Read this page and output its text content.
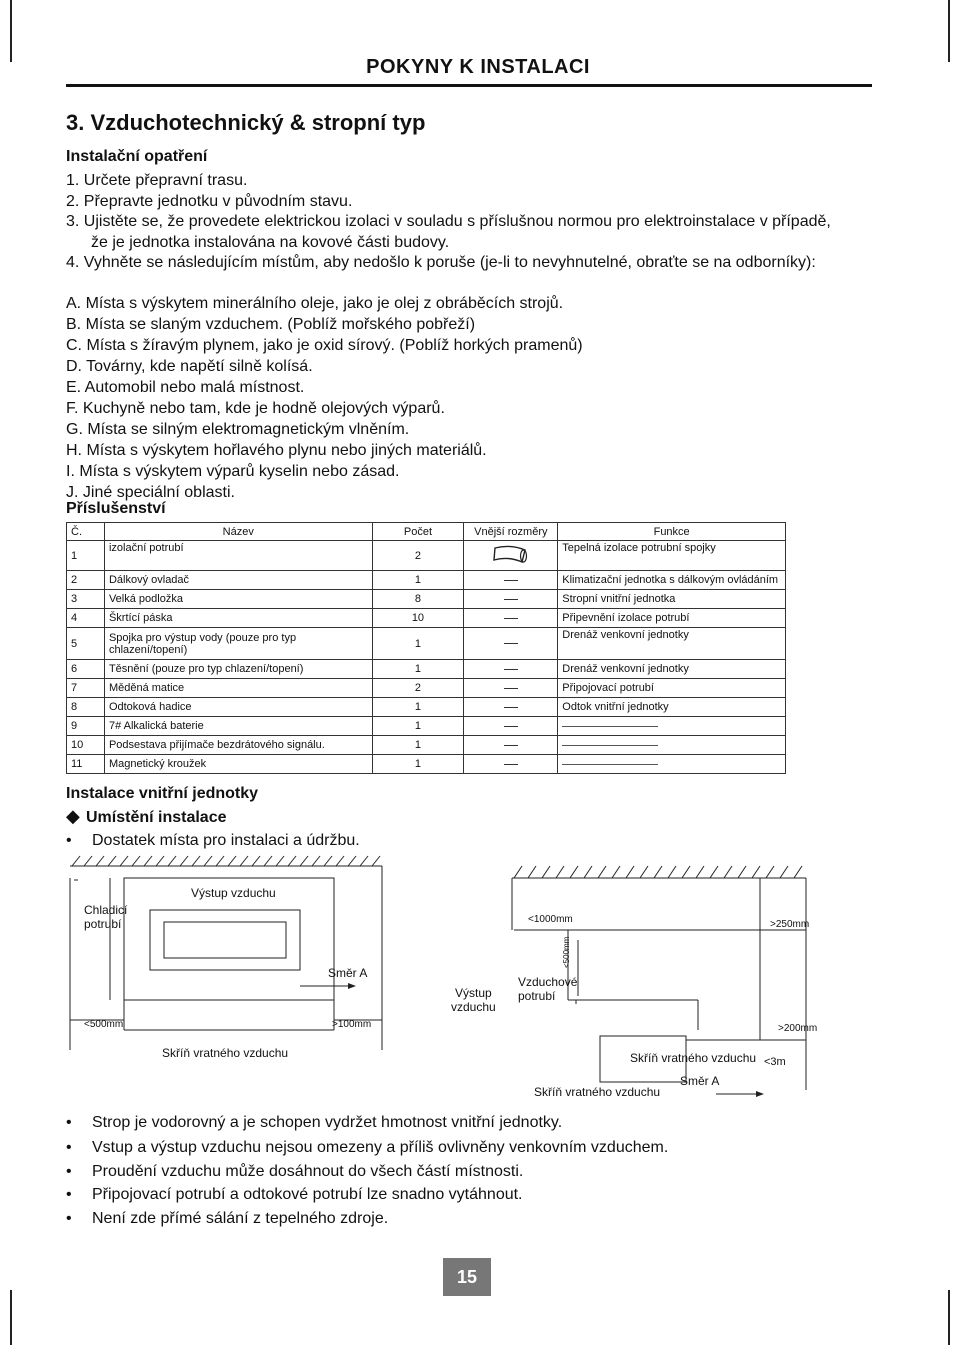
POKYNY K INSTALACI
3. Vzduchotechnický & stropní typ
Instalační opatření

1. Určete přepravní trasu.

2. Přepravte jednotku v původním stavu.

3. Ujistěte se, že provedete elektrickou izolaci v souladu s příslušnou normou pro elektroinstalace v případě, že je jednotka instalována na kovové části budovy.

4. Vyhněte se následujícím místům, aby nedošlo k poruše (je-li to nevyhnutelné, obraťte se na odborníky):

A. Místa s výskytem minerálního oleje, jako je olej z obráběcích strojů.

B. Místa se slaným vzduchem. (Poblíž mořského pobřeží)

C. Místa s žíravým plynem, jako je oxid sírový. (Poblíž horkých pramenů)

D. Továrny, kde napětí silně kolísá.

E. Automobil nebo malá místnost.

F. Kuchyně nebo tam, kde je hodně olejových výparů.

G. Místa se silným elektromagnetickým vlněním.

H. Místa s výskytem hořlavého plynu nebo jiných materiálů.

I. Místa s výskytem výparů kyselin nebo zásad.

J. Jiné speciální oblasti.

Příslušenství
Č.	Název	Počet	Vnější rozměry	Funkce
1	izolační potrubí	2		Tepelná izolace potrubní spojky
2	Dálkový ovladač	1		Klimatizační jednotka s dálkovým ovládáním
3	Velká podložka	8		Stropní vnitřní jednotka
4	Škrtící páska	10		Připevnění izolace potrubí
5	Spojka pro výstup vody (pouze pro typ chlazení/topení)	1		Drenáž venkovní jednotky
6	Těsnění (pouze pro typ chlazení/topení)	1		Drenáž venkovní jednotky
7	Měděná matice	2		Připojovací potrubí
8	Odtoková hadice	1		Odtok vnitřní jednotky
9	7# Alkalická baterie	1		
10	Podsestava přijímače bezdrátového signálu.	1		
11	Magnetický kroužek	1		
Instalace vnitřní jednotky
◆ Umístění instalace
• Dostatek místa pro instalaci a údržbu.
Chladicí
potrubí
Výstup vzduchu
Směr A
<500mm	>100mm
Skříň vratného vzduchu
<1000mm	>250mm
Výstup
vzduchu
Vzduchové
potrubí
<500mm
>200mm
Skříň vratného vzduchu <3m
Směr A
Skříň vratného vzduchu
• Strop je vodorovný a je schopen vydržet hmotnost vnitřní jednotky.
• Vstup a výstup vzduchu nejsou omezeny a příliš ovlivněny venkovním vzduchem.
• Proudění vzduchu může dosáhnout do všech částí místnosti.
• Připojovací potrubí a odtokové potrubí lze snadno vytáhnout.
• Není zde přímé sálání z tepelného zdroje.
15
